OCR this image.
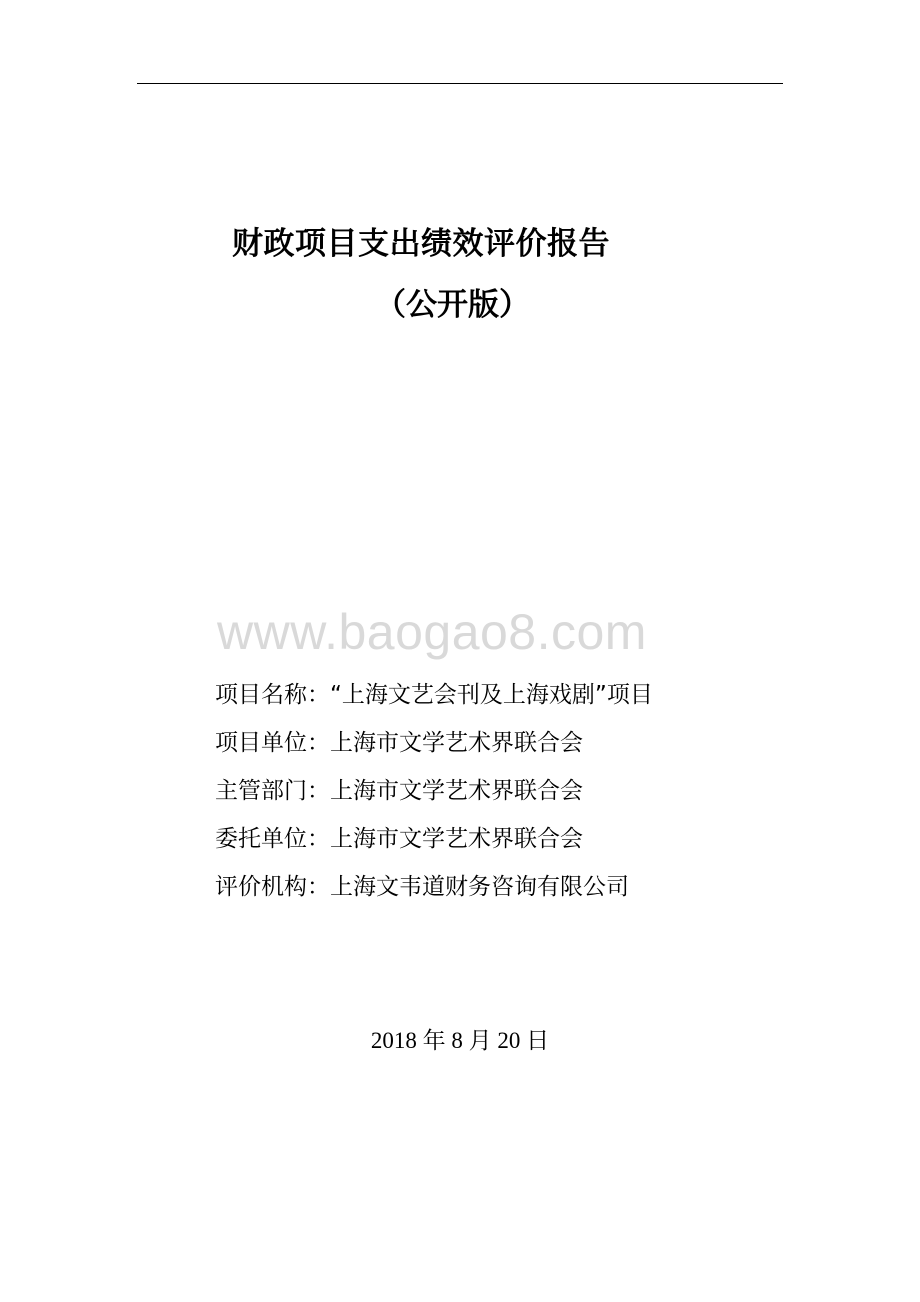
财政项目支出绩效评价报告
（公开版）
www.baogao8.com
项目名称：“上海文艺会刊及上海戏剧”项目
项目单位：上海市文学艺术界联合会
主管部门：上海市文学艺术界联合会
委托单位：上海市文学艺术界联合会
评价机构：上海文韦道财务咨询有限公司
2018 年 8 月 20 日
